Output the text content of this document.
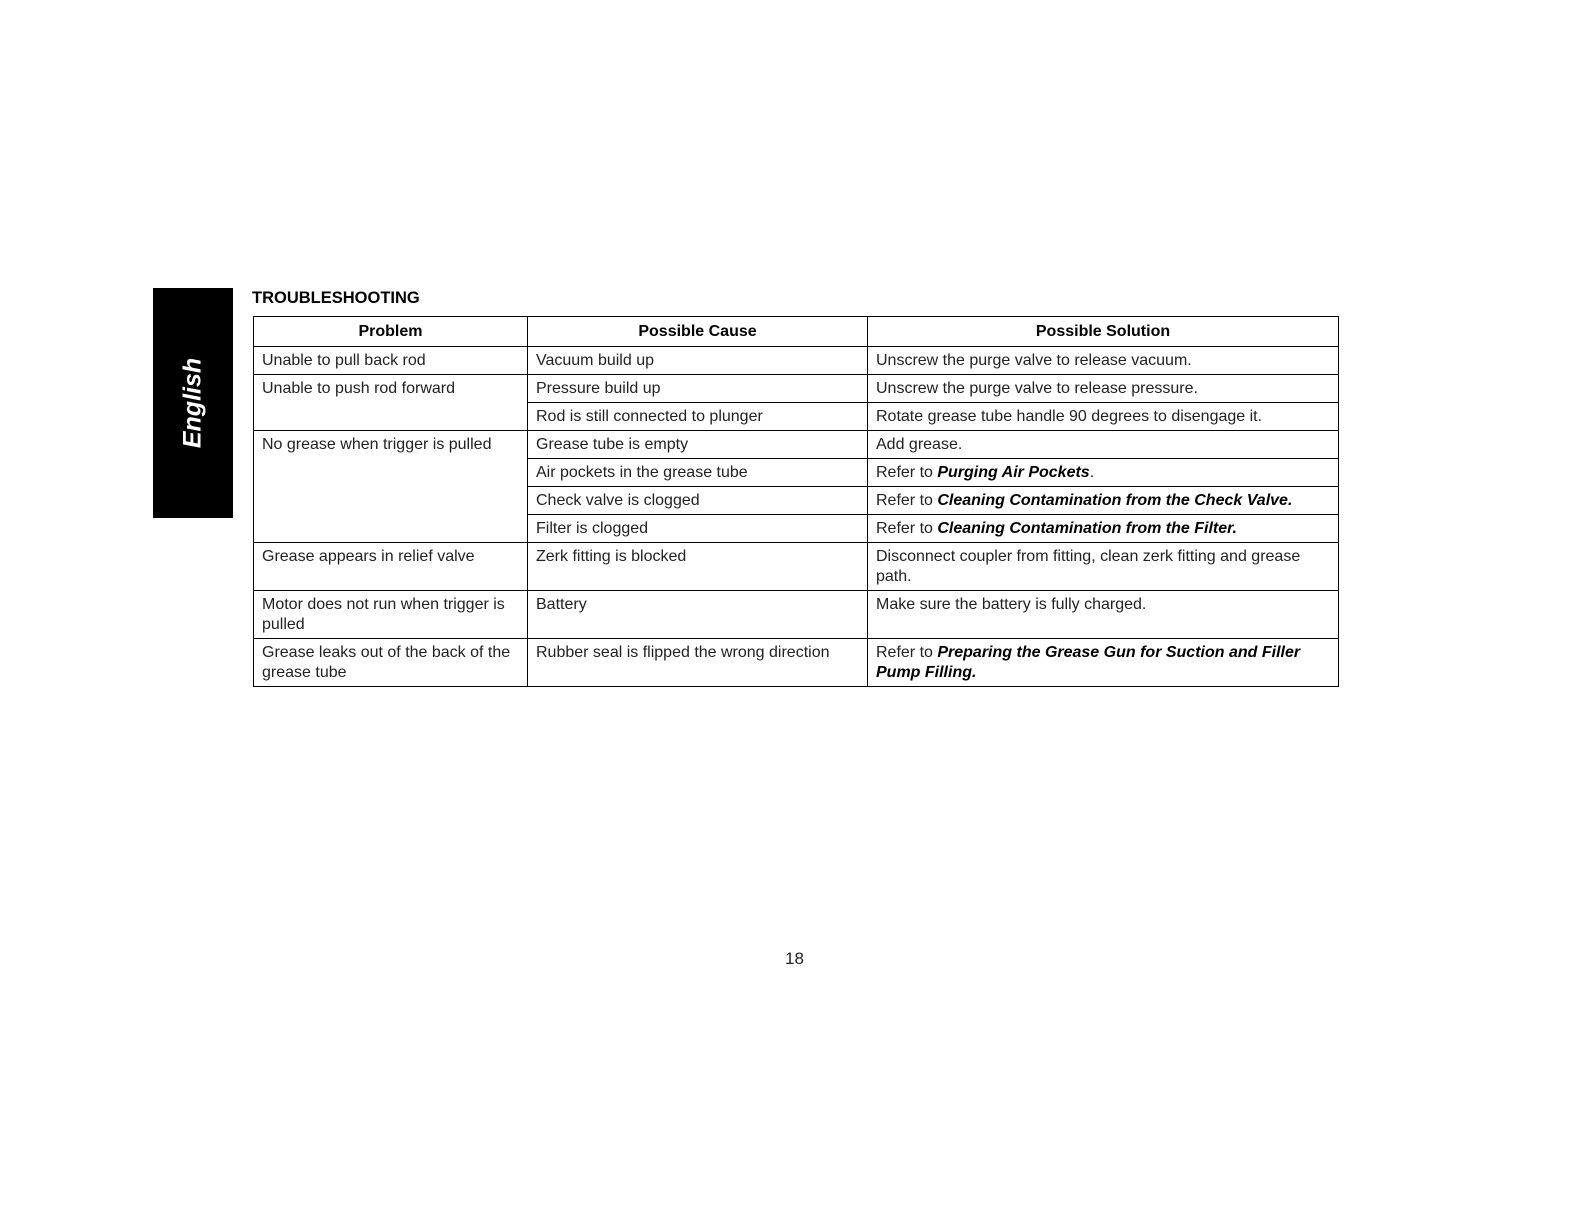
English
TROUBLESHOOTING
Problem	Possible Cause	Possible Solution
Unable to pull back rod	Vacuum build up	Unscrew the purge valve to release vacuum.
Unable to push rod forward	Pressure build up	Unscrew the purge valve to release pressure.
	Rod is still connected to plunger	Rotate grease tube handle 90 degrees to disengage it.
No grease when trigger is pulled	Grease tube is empty	Add grease.
	Air pockets in the grease tube	Refer to Purging Air Pockets.
	Check valve is clogged	Refer to Cleaning Contamination from the Check Valve.
	Filter is clogged	Refer to Cleaning Contamination from the Filter.
Grease appears in relief valve	Zerk fitting is blocked	Disconnect coupler from fitting, clean zerk fitting and grease path.
Motor does not run when trigger is pulled	Battery	Make sure the battery is fully charged.
Grease leaks out of the back of the grease tube	Rubber seal is flipped the wrong direction	Refer to Preparing the Grease Gun for Suction and Filler Pump Filling.
18
